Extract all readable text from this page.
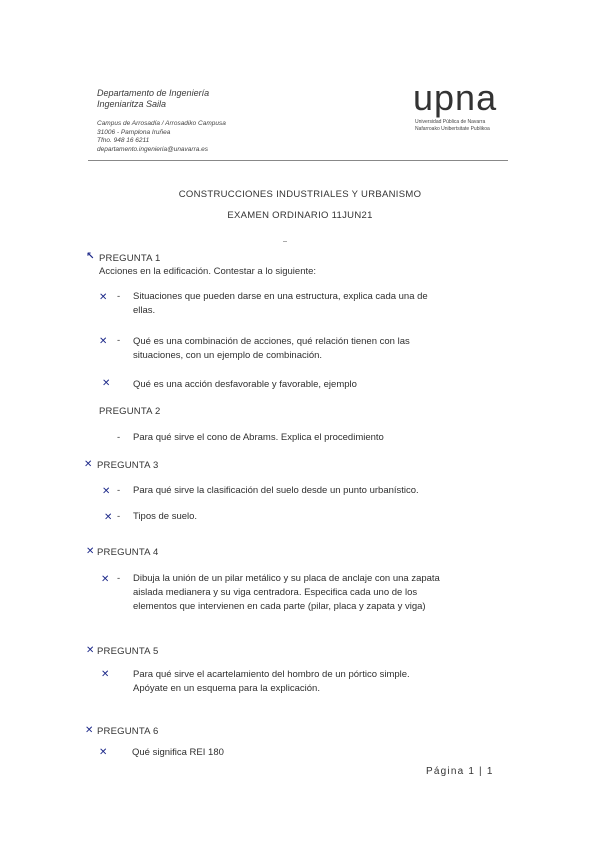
Departamento de Ingeniería
Ingeniaritza Saila
Campus de Arrosadía / Arrosadiko Campusa
31006 - Pamplona Iruñea
Tfno. 948 16 6211
departamento.ingenieria@unavarra.es
upna
Universidad Pública de Navarra
Nafarroako Unibertsitate Publikoa
CONSTRUCCIONES INDUSTRIALES Y URBANISMO
EXAMEN ORDINARIO 11JUN21
↖ PREGUNTA 1
Acciones en la edificación. Contestar a lo siguiente:
✕ - Situaciones que pueden darse en una estructura, explica cada una de
ellas.
✕ - Qué es una combinación de acciones, qué relación tienen con las
situaciones, con un ejemplo de combinación.
✕ Qué es una acción desfavorable y favorable, ejemplo
PREGUNTA 2
- Para qué sirve el cono de Abrams. Explica el procedimiento
✕ PREGUNTA 3
✕ - Para qué sirve la clasificación del suelo desde un punto urbanístico.
✕ - Tipos de suelo.
✕ PREGUNTA 4
✕ - Dibuja la unión de un pilar metálico y su placa de anclaje con una zapata
aislada medianera y su viga centradora. Especifica cada uno de los
elementos que intervienen en cada parte (pilar, placa y zapata y viga)
✕ PREGUNTA 5
✕ Para qué sirve el acartelamiento del hombro de un pórtico simple.
Apóyate en un esquema para la explicación.
✕ PREGUNTA 6
✕	Qué significa REI 180
Página 1 | 1
